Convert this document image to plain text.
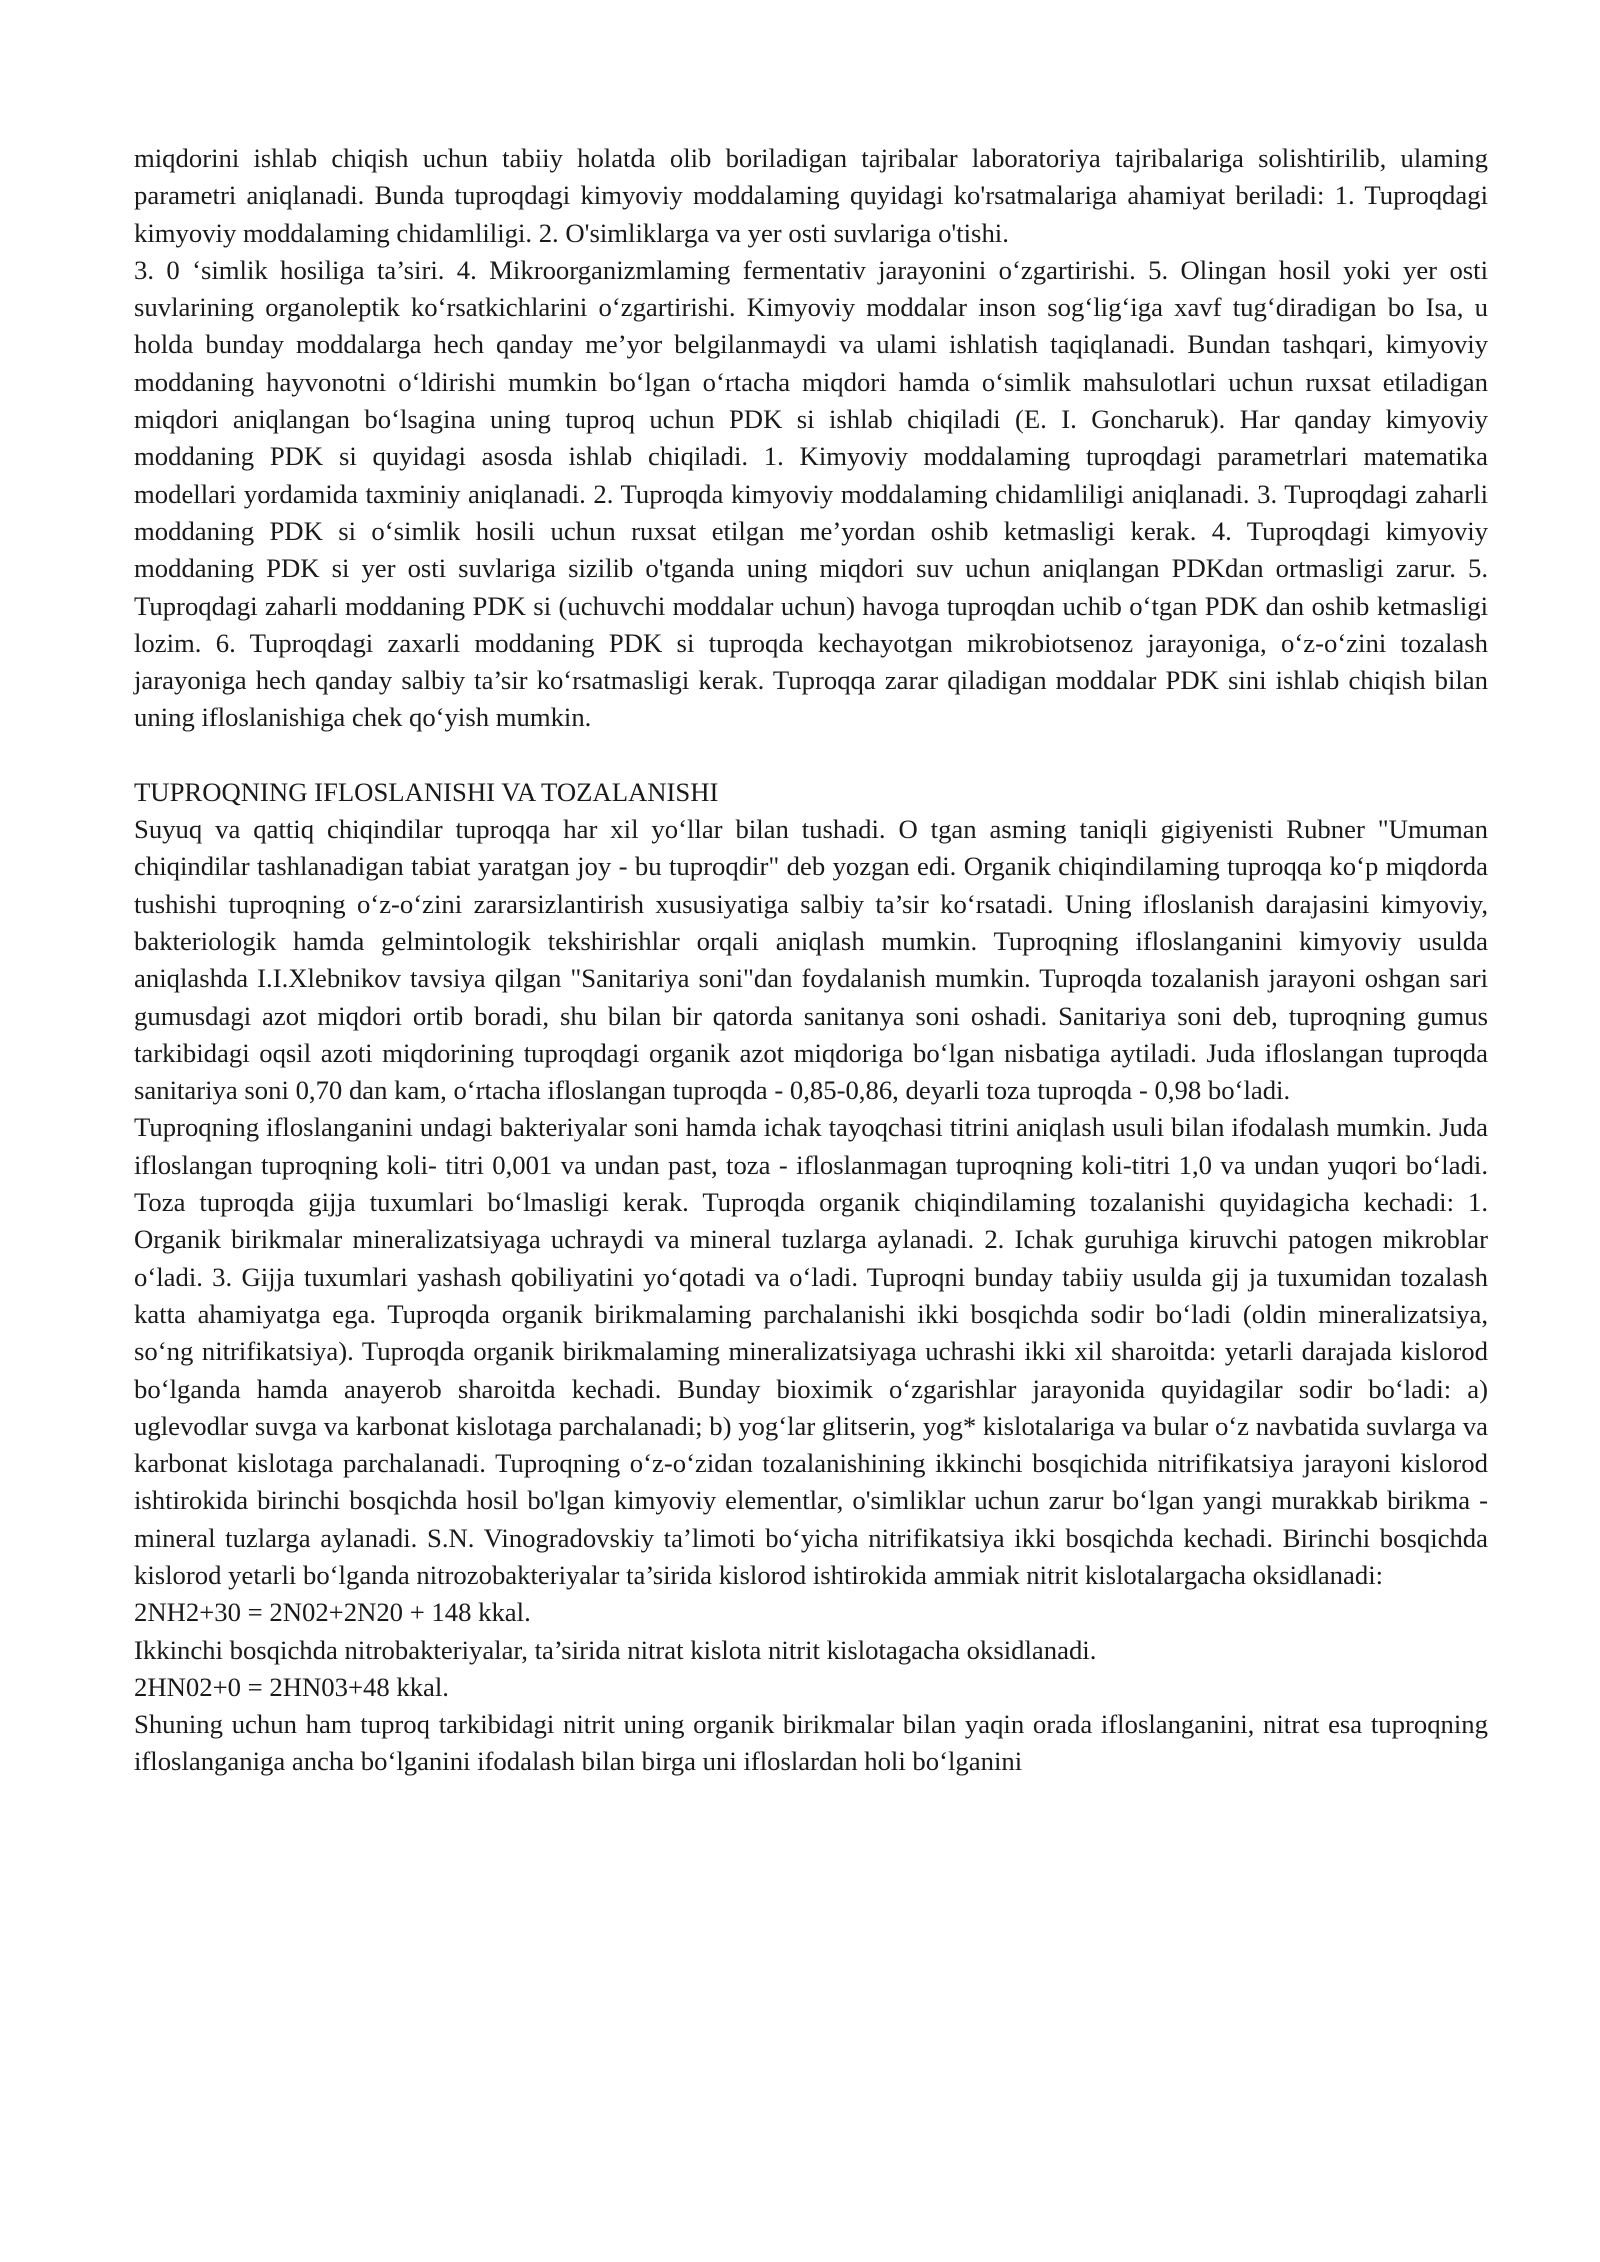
miqdorini ishlab chiqish uchun tabiiy holatda olib boriladigan tajribalar laboratoriya tajribalariga solishtirilib, ulaming parametri aniqlanadi. Bunda tuproqdagi kimyoviy moddalaming quyidagi ko'rsatmalariga ahamiyat beriladi: 1. Tuproqdagi kimyoviy moddalaming chidamliligi. 2. O'simliklarga va yer osti suvlariga o'tishi.

3. 0 ‘simlik hosiliga ta’siri. 4. Mikroorganizmlaming fermentativ jarayonini o‘zgartirishi. 5. Olingan hosil yoki yer osti suvlarining organoleptik ko‘rsatkichlarini o‘zgartirishi. Kimyoviy moddalar inson sog‘lig‘iga xavf tug‘diradigan bo Isa, u holda bunday moddalarga hech qanday me’yor belgilanmaydi va ulami ishlatish taqiqlanadi. Bundan tashqari, kimyoviy moddaning hayvonotni o‘ldirishi mumkin bo‘lgan o‘rtacha miqdori hamda o‘simlik mahsulotlari uchun ruxsat etiladigan miqdori aniqlangan bo‘lsagina uning tuproq uchun PDK si ishlab chiqiladi (E. I. Goncharuk). Har qanday kimyoviy moddaning PDK si quyidagi asosda ishlab chiqiladi. 1. Kimyoviy moddalaming tuproqdagi parametrlari matematika modellari yordamida taxminiy aniqlanadi. 2. Tuproqda kimyoviy moddalaming chidamliligi aniqlanadi. 3. Tuproqdagi zaharli moddaning PDK si o‘simlik hosili uchun ruxsat etilgan me’yordan oshib ketmasligi kerak. 4. Tuproqdagi kimyoviy moddaning PDK si yer osti suvlariga sizilib o'tganda uning miqdori suv uchun aniqlangan PDKdan ortmasligi zarur. 5. Tuproqdagi zaharli moddaning PDK si (uchuvchi moddalar uchun) havoga tuproqdan uchib o‘tgan PDK dan oshib ketmasligi lozim. 6. Tuproqdagi zaxarli moddaning PDK si tuproqda kechayotgan mikrobiotsenoz jarayoniga, o‘z-o‘zini tozalash jarayoniga hech qanday salbiy ta’sir ko‘rsatmasligi kerak. Tuproqqa zarar qiladigan moddalar PDK sini ishlab chiqish bilan uning ifloslanishiga chek qo‘yish mumkin.

TUPROQNING IFLOSLANISHI VA TOZALANISHI

Suyuq va qattiq chiqindilar tuproqqa har xil yo‘llar bilan tushadi. O tgan asming taniqli gigiyenisti Rubner "Umuman chiqindilar tashlanadigan tabiat yaratgan joy - bu tuproqdir" deb yozgan edi. Organik chiqindilaming tuproqqa ko‘p miqdorda tushishi tuproqning o‘z-o‘zini zararsizlantirish xususiyatiga salbiy ta’sir ko‘rsatadi. Uning ifloslanish darajasini kimyoviy, bakteriologik hamda gelmintologik tekshirishlar orqali aniqlash mumkin. Tuproqning ifloslanganini kimyoviy usulda aniqlashda I.I.Xlebnikov tavsiya qilgan "Sanitariya soni"dan foydalanish mumkin. Tuproqda tozalanish jarayoni oshgan sari gumusdagi azot miqdori ortib boradi, shu bilan bir qatorda sanitanya soni oshadi. Sanitariya soni deb, tuproqning gumus tarkibidagi oqsil azoti miqdorining tuproqdagi organik azot miqdoriga bo‘lgan nisbatiga aytiladi. Juda ifloslangan tuproqda sanitariya soni 0,70 dan kam, o‘rtacha ifloslangan tuproqda - 0,85-0,86, deyarli toza tuproqda - 0,98 bo‘ladi.

Tuproqning ifloslanganini undagi bakteriyalar soni hamda ichak tayoqchasi titrini aniqlash usuli bilan ifodalash mumkin. Juda ifloslangan tuproqning koli- titri 0,001 va undan past, toza - ifloslanmagan tuproqning koli-titri 1,0 va undan yuqori bo‘ladi. Toza tuproqda gijja tuxumlari bo‘lmasligi kerak. Tuproqda organik chiqindilaming tozalanishi quyidagicha kechadi: 1. Organik birikmalar mineralizatsiyaga uchraydi va mineral tuzlarga aylanadi. 2. Ichak guruhiga kiruvchi patogen mikroblar o‘ladi. 3. Gijja tuxumlari yashash qobiliyatini yo‘qotadi va o‘ladi. Tuproqni bunday tabiiy usulda gij ja tuxumidan tozalash katta ahamiyatga ega. Tuproqda organik birikmalaming parchalanishi ikki bosqichda sodir bo‘ladi (oldin mineralizatsiya, so‘ng nitrifikatsiya). Tuproqda organik birikmalaming mineralizatsiyaga uchrashi ikki xil sharoitda: yetarli darajada kislorod bo‘lganda hamda anayerob sharoitda kechadi. Bunday bioximik o‘zgarishlar jarayonida quyidagilar sodir bo‘ladi: a) uglevodlar suvga va karbonat kislotaga parchalanadi; b) yog‘lar glitserin, yog* kislotalariga va bular o‘z navbatida suvlarga va karbonat kislotaga parchalanadi. Tuproqning o‘z-o‘zidan tozalanishining ikkinchi bosqichida nitrifikatsiya jarayoni kislorod ishtirokida birinchi bosqichda hosil bo'lgan kimyoviy elementlar, o'simliklar uchun zarur bo‘lgan yangi murakkab birikma - mineral tuzlarga aylanadi. S.N. Vinogradovskiy ta’limoti bo‘yicha nitrifikatsiya ikki bosqichda kechadi. Birinchi bosqichda kislorod yetarli bo‘lganda nitrozobakteriyalar ta’sirida kislorod ishtirokida ammiak nitrit kislotalargacha oksidlanadi:

2NH2+30 = 2N02+2N20 + 148 kkal.

Ikkinchi bosqichda nitrobakteriyalar, ta’sirida nitrat kislota nitrit kislotagacha oksidlanadi.

2HN02+0 = 2HN03+48 kkal.

Shuning uchun ham tuproq tarkibidagi nitrit uning organik birikmalar bilan yaqin orada ifloslanganini, nitrat esa tuproqning ifloslanganiga ancha bo‘lganini ifodalash bilan birga uni ifloslardan holi bo‘lganini
